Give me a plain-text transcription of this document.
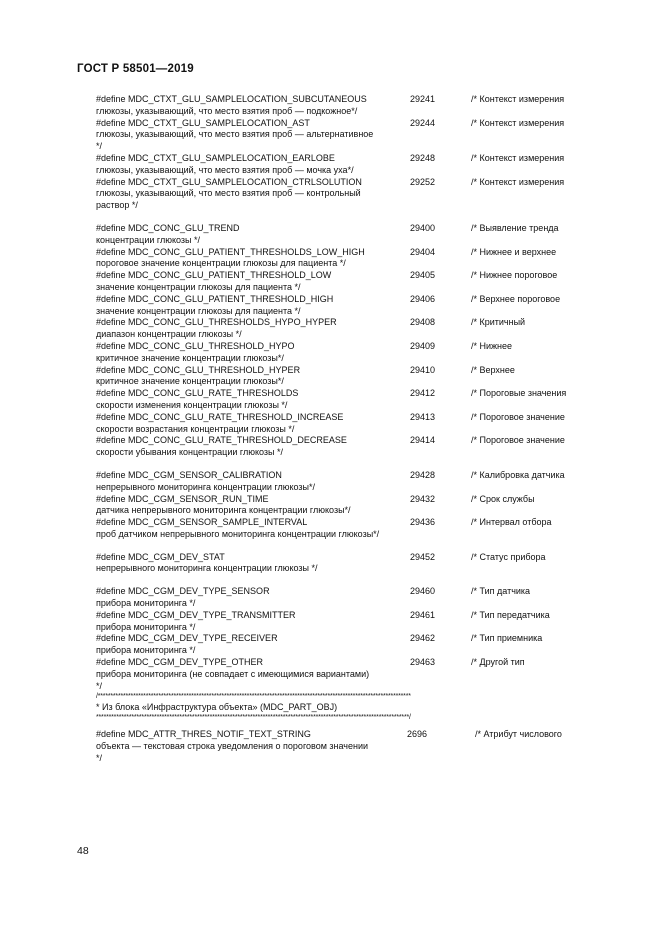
ГОСТ Р 58501—2019
#define MDC_CTXT_GLU_SAMPLELOCATION_SUBCUTANEOUS	29241	/* Контекст измерения
глюкозы, указывающий, что место взятия проб — подкожное*/
#define MDC_CTXT_GLU_SAMPLELOCATION_AST	29244	/* Контекст измерения
глюкозы, указывающий, что место взятия проб — альтернативное
*/
#define MDC_CTXT_GLU_SAMPLELOCATION_EARLOBE	29248	/* Контекст измерения
глюкозы, указывающий, что место взятия проб — мочка уха*/
#define MDC_CTXT_GLU_SAMPLELOCATION_CTRLSOLUTION	29252	/* Контекст измерения
глюкозы, указывающий, что место взятия проб — контрольный
раствор */
#define MDC_CONC_GLU_TREND	29400	/* Выявление тренда
концентрации глюкозы */
#define MDC_CONC_GLU_PATIENT_THRESHOLDS_LOW_HIGH	29404	/* Нижнее и верхнее
пороговое значение концентрации глюкозы для пациента */
#define MDC_CONC_GLU_PATIENT_THRESHOLD_LOW	29405	/* Нижнее пороговое
значение концентрации глюкозы для пациента */
#define MDC_CONC_GLU_PATIENT_THRESHOLD_HIGH	29406	/* Верхнее пороговое
значение концентрации глюкозы для пациента */
#define MDC_CONC_GLU_THRESHOLDS_HYPO_HYPER	29408	/* Критичный
диапазон концентрации глюкозы */
#define MDC_CONC_GLU_THRESHOLD_HYPO	29409	/* Нижнее
критичное значение концентрации глюкозы*/
#define MDC_CONC_GLU_THRESHOLD_HYPER	29410	/* Верхнее
критичное значение концентрации глюкозы*/
#define MDC_CONC_GLU_RATE_THRESHOLDS	29412	/* Пороговые значения
скорости изменения концентрации глюкозы */
#define MDC_CONC_GLU_RATE_THRESHOLD_INCREASE	29413	/* Пороговое значение
скорости возрастания концентрации глюкозы */
#define MDC_CONC_GLU_RATE_THRESHOLD_DECREASE	29414	/* Пороговое значение
скорости убывания концентрации глюкозы */
#define MDC_CGM_SENSOR_CALIBRATION	29428	/* Калибровка датчика
непрерывного мониторинга концентрации глюкозы*/
#define MDC_CGM_SENSOR_RUN_TIME	29432	/* Срок службы
датчика непрерывного мониторинга концентрации глюкозы*/
#define MDC_CGM_SENSOR_SAMPLE_INTERVAL	29436	/* Интервал отбора
проб датчиком непрерывного мониторинга концентрации глюкозы*/
#define MDC_CGM_DEV_STAT	29452	/* Статус прибора
непрерывного мониторинга концентрации глюкозы */
#define MDC_CGM_DEV_TYPE_SENSOR	29460	/* Тип датчика
прибора мониторинга */
#define MDC_CGM_DEV_TYPE_TRANSMITTER	29461	/* Тип передатчика
прибора мониторинга */
#define MDC_CGM_DEV_TYPE_RECEIVER	29462	/* Тип приемника
прибора мониторинга */
#define MDC_CGM_DEV_TYPE_OTHER	29463	/* Другой тип
прибора мониторинга (не совпадает с имеющимися вариантами)
*/
/****************************************************************************************************************************
* Из блока «Инфраструктура объекта» (MDC_PART_OBJ)
****************************************************************************************************************************/
#define MDC_ATTR_THRES_NOTIF_TEXT_STRING	2696	/* Атрибут числового
объекта — текстовая строка уведомления о пороговом значении
*/
48
